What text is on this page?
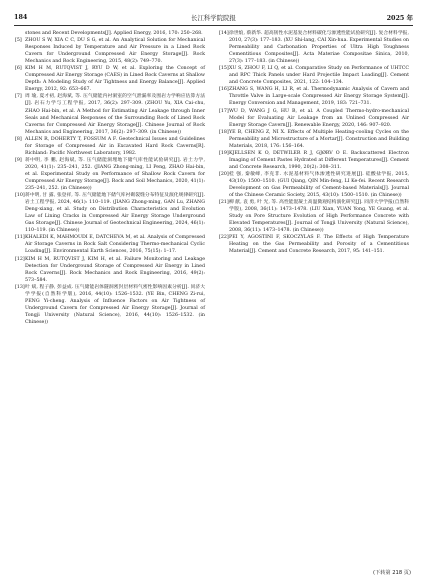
184	长江科学院院报	2025 年
stones and Recent Developments[J]. Applied Energy, 2016, 170: 250–268.
[5] ZHOU S W, XIA C C, DU S G, et al. An Analytical Solution for Mechanical Responses Induced by Temperature and Air Pressure in a Lined Rock Cavern for Underground Compressed Air Energy Storage[J]. Rock Mechanics and Rock Engineering, 2015, 48(2): 749–770.
[6] KIM H M, RUTQVIST J, RYU D W, et al. Exploring the Concept of Compressed Air Energy Storage (CAES) in Lined Rock Caverns at Shallow Depth: A Modeling Study of Air Tightness and Energy Balance[J]. Applied Energy, 2012, 92: 653–667.
[7] 周 瑜, 夏才初, 赵海斌, 等. 压气储能内衬洞室的空气泄漏率及围岩力学响应估算方法[J]. 岩石力学与工程学报, 2017, 36(2): 297–309. (ZHOU Yu, XIA Cai-chu, ZHAO Hai-bin, et al. A Method for Estimating Air Leakage through Inner Seals and Mechanical Responses of the Surrounding Rock of Lined Rock Caverns for Compressed Air Energy Storage[J]. Chinese Journal of Rock Mechanics and Engineering, 2017, 36(2): 297–309. (in Chinese))
[8] ALLEN R, DOHERTY T, FOSSUM A F. Geotechnical Issues and Guidelines for Storage of Compressed Air in Excavated Hard Rock Caverns[R]. Richland: Pacific Northwest Laboratory, 1982.
[9] 蒋中明, 李 鹏, 赵海斌, 等. 压气储能洞埋地下储气库性能试验研究[J]. 岩土力学, 2020, 41(1): 235–241, 252. (JIANG Zhong-ming, LI Peng, ZHAO Hai-bin, et al. Experimental Study on Performance of Shallow Rock Cavern for Compressed Air Energy Storage[J]. Rock and Soil Mechanics, 2020, 41(1): 235–241, 252. (in Chinese))
[10] 蒋中明, 甘 露, 张登祥, 等. 压气储能地下储气库衬砌裂缝分布特征及演化规律研究[J]. 岩土工程学报, 2024, 46(1): 110–119. (JIANG Zhong-ming, GAN Lu, ZHANG Deng-xiang, et al. Study on Distribution Characteristics and Evolution Law of Lining Cracks in Compressed Air Energy Storage Underground Gas Storage[J]. Chinese Journal of Geotechnical Engineering, 2024, 46(1): 110–119. (in Chinese))
[11] KHALEDI K, MAHMOUDI E, DATCHEVA M, et al. Analysis of Compressed Air Storage Caverns in Rock Salt Considering Thermo-mechanical Cyclic Loading[J]. Environmental Earth Sciences, 2016, 75(15): 1–17.
[12] KIM H M, RUTQVIST J, KIM H, et al. Failure Monitoring and Leakage Detection for Underground Storage of Compressed Air Energy in Lined Rock Caverns[J]. Rock Mechanics and Rock Engineering, 2016, 49(2): 573–584.
[13] 叶 斌, 程子静, 彭益成. 压气储能岩体隧洞密封层材料气密性影响因素分析[J]. 同济大学学报(自然科学版), 2016, 44(10): 1526–1532. (YE Bin, CHENG Zi-rui, PENG Yi-cheng. Analysis of Influence Factors on Air Tightness of Underground Cavern for Compressed Air Energy Storage[J]. Journal of Tongji University (Natural Science), 2016, 44(10): 1526–1532. (in Chinese))
[14] 徐世烺, 蔡新华. 超高韧性水泥基复合材料碳化与渗透性能试验研究[J]. 复合材料学报, 2010, 27(3): 177–183. (XU Shi-lang, CAI Xin-hua. Experimental Studies on Permeability and Carbonation Properties of Ultra High Toughness Cementitious Composites[J]. Acta Materiae Compositae Sinica, 2010, 27(3): 177–183. (in Chinese))
[15] XU S, ZHOU F, LI Q, et al. Comparative Study on Performance of UHTCC and RPC Thick Panels under Hard Projectile Impact Loading[J]. Cement and Concrete Composites, 2021, 122: 104–134.
[16] ZHANG S, WANG H, LI R, et al. Thermodynamic Analysis of Cavern and Throttle Valve in Large-scale Compressed Air Energy Storage System[J]. Energy Conversion and Management, 2019, 183: 721–731.
[17] WU D, WANG J G, HU B, et al. A Coupled Thermo-hydro-mechanical Model for Evaluating Air Leakage from an Unlined Compressed Air Energy Storage Cavern[J]. Renewable Energy, 2020, 146: 907–920.
[18] YE B, CHENG Z, NI X. Effects of Multiple Heating-cooling Cycles on the Permeability and Microstructure of a Mortar[J]. Construction and Building Materials, 2018, 176: 156–164.
[19] KJELLSEN K O, DETWILER R J, GJØRV O E. Backscattered Electron Imaging of Cement Pastes Hydrated at Different Temperatures[J]. Cement and Concrete Research, 1990, 20(2): 308–311.
[20] 桂 强, 秦敏峰, 李克非. 水泥基材料气体渗透性研究进展[J]. 硅酸盐学报, 2015, 43(10): 1500–1510. (GUI Qiang, QIN Min-feng, LI Ke-fei. Recent Research Development on Gas Permeability of Cement-based Materials[J]. Journal of the Chinese Ceramic Society, 2015, 43(10): 1500–1510. (in Chinese))
[21] 柳 献, 袁 勇, 叶 光, 等. 高性能混凝土高温微观结构演化研究[J]. 同济大学学报(自然科学版), 2008, 36(11): 1473–1478. (LIU Xian, YUAN Yong, YE Guang, et al. Study on Pore Structure Evolution of High Performance Concrete with Elevated Temperatures[J]. Journal of Tongji University (Natural Science), 2008, 36(11): 1473–1478. (in Chinese))
[22] PEI Y, AGOSTINI F, SKOCZYLAS F. The Effects of High Temperature Heating on the Gas Permeability and Porosity of a Cementitious Material[J]. Cement and Concrete Research, 2017, 95: 141–151.
(下转第 218 页)
